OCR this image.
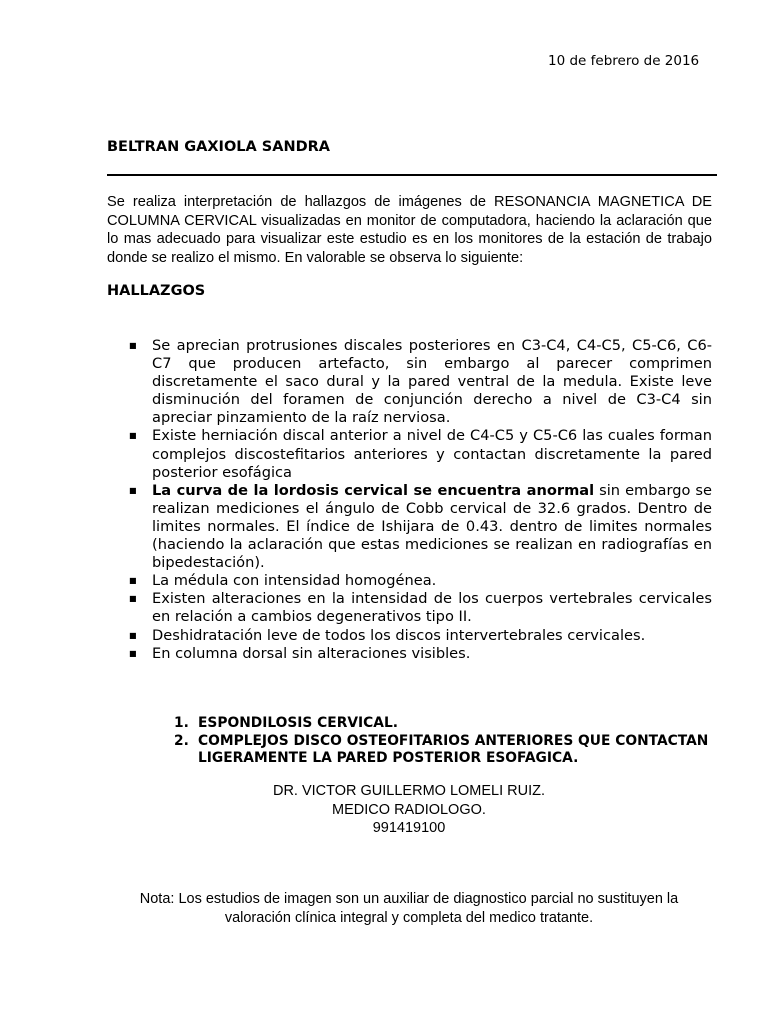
10 de febrero de 2016
BELTRAN GAXIOLA SANDRA
Se realiza interpretación de hallazgos de imágenes de RESONANCIA MAGNETICA DE COLUMNA CERVICAL visualizadas en monitor de computadora, haciendo la aclaración que lo mas adecuado para visualizar este estudio es en los monitores de la estación de trabajo donde se realizo el mismo. En valorable se observa lo siguiente:
HALLAZGOS
■ Se aprecian protrusiones discales posteriores en C3-C4, C4-C5, C5-C6, C6-C7 que producen artefacto, sin embargo al parecer comprimen discretamente el saco dural y la pared ventral de la medula. Existe leve disminución del foramen de conjunción derecho a nivel de C3-C4 sin apreciar pinzamiento de la raíz nerviosa.
■ Existe herniación discal anterior a nivel de C4-C5 y C5-C6 las cuales forman complejos discostefitarios anteriores y contactan discretamente la pared posterior esofágica
■ La curva de la lordosis cervical se encuentra anormal sin embargo se realizan mediciones el ángulo de Cobb cervical de 32.6 grados. Dentro de limites normales. El índice de Ishijara de 0.43. dentro de limites normales (haciendo la aclaración que estas mediciones se realizan en radiografías en bipedestación).
■ La médula con intensidad homogénea.
■ Existen alteraciones en la intensidad de los cuerpos vertebrales cervicales en relación a cambios degenerativos tipo II.
■ Deshidratación leve de todos los discos intervertebrales cervicales.
■ En columna dorsal sin alteraciones visibles.
1. ESPONDILOSIS CERVICAL.
2. COMPLEJOS DISCO OSTEOFITARIOS ANTERIORES QUE CONTACTAN LIGERAMENTE LA PARED POSTERIOR ESOFAGICA.
DR. VICTOR GUILLERMO LOMELI RUIZ.
MEDICO RADIOLOGO.
991419100
Nota: Los estudios de imagen son un auxiliar de diagnostico parcial no sustituyen la
valoración clínica integral y completa del medico tratante.
